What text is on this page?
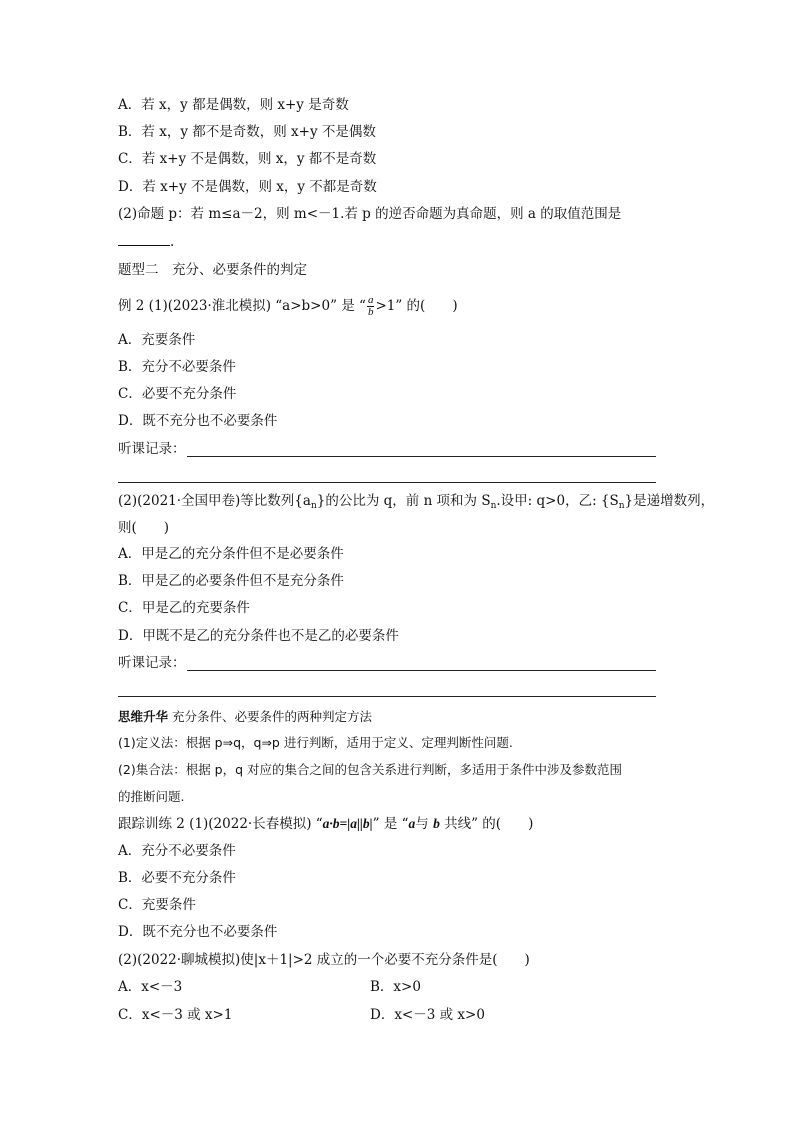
A．若 x，y 都是偶数，则 x+y 是奇数
B．若 x，y 都不是奇数，则 x+y 不是偶数
C．若 x+y 不是偶数，则 x，y 都不是奇数
D．若 x+y 不是偶数，则 x，y 不都是奇数
(2)命题 p：若 m≤a－2，则 m<－1.若 p 的逆否命题为真命题，则 a 的取值范围是
.
题型二　充分、必要条件的判定
例 2 (1)(2023·淮北模拟) “a>b>0” 是 “ $\frac{a}{b} >1$” 的(　　)
A．充要条件
B．充分不必要条件
C．必要不充分条件
D．既不充分也不必要条件
听课记录：
(2)(2021·全国甲卷)等比数列$\{a_n\}$的公比为 q，前 n 项和为 $S_n$.设甲: q>0，乙: $\{S_n\}$是递增数列，
则(　　)
A．甲是乙的充分条件但不是必要条件
B．甲是乙的必要条件但不是充分条件
C．甲是乙的充要条件
D．甲既不是乙的充分条件也不是乙的必要条件
听课记录：
思维升华 充分条件、必要条件的两种判定方法
(1)定义法：根据 p⇒q，q⇒p 进行判断，适用于定义、定理判断性问题.
(2)集合法：根据 p，q 对应的集合之间的包含关系进行判断，多适用于条件中涉及参数范围
的推断问题.
跟踪训练 2 (1)(2022·长春模拟) “a·b=|a||b|” 是 “a与 b 共线” 的(　　)
A．充分不必要条件
B．必要不充分条件
C．充要条件
D．既不充分也不必要条件
(2)(2022·聊城模拟)使|x＋1|>2 成立的一个必要不充分条件是(　　)
A．x<－3	B．x>0
C．x<－3 或 x>1	D．x<－3 或 x>0
